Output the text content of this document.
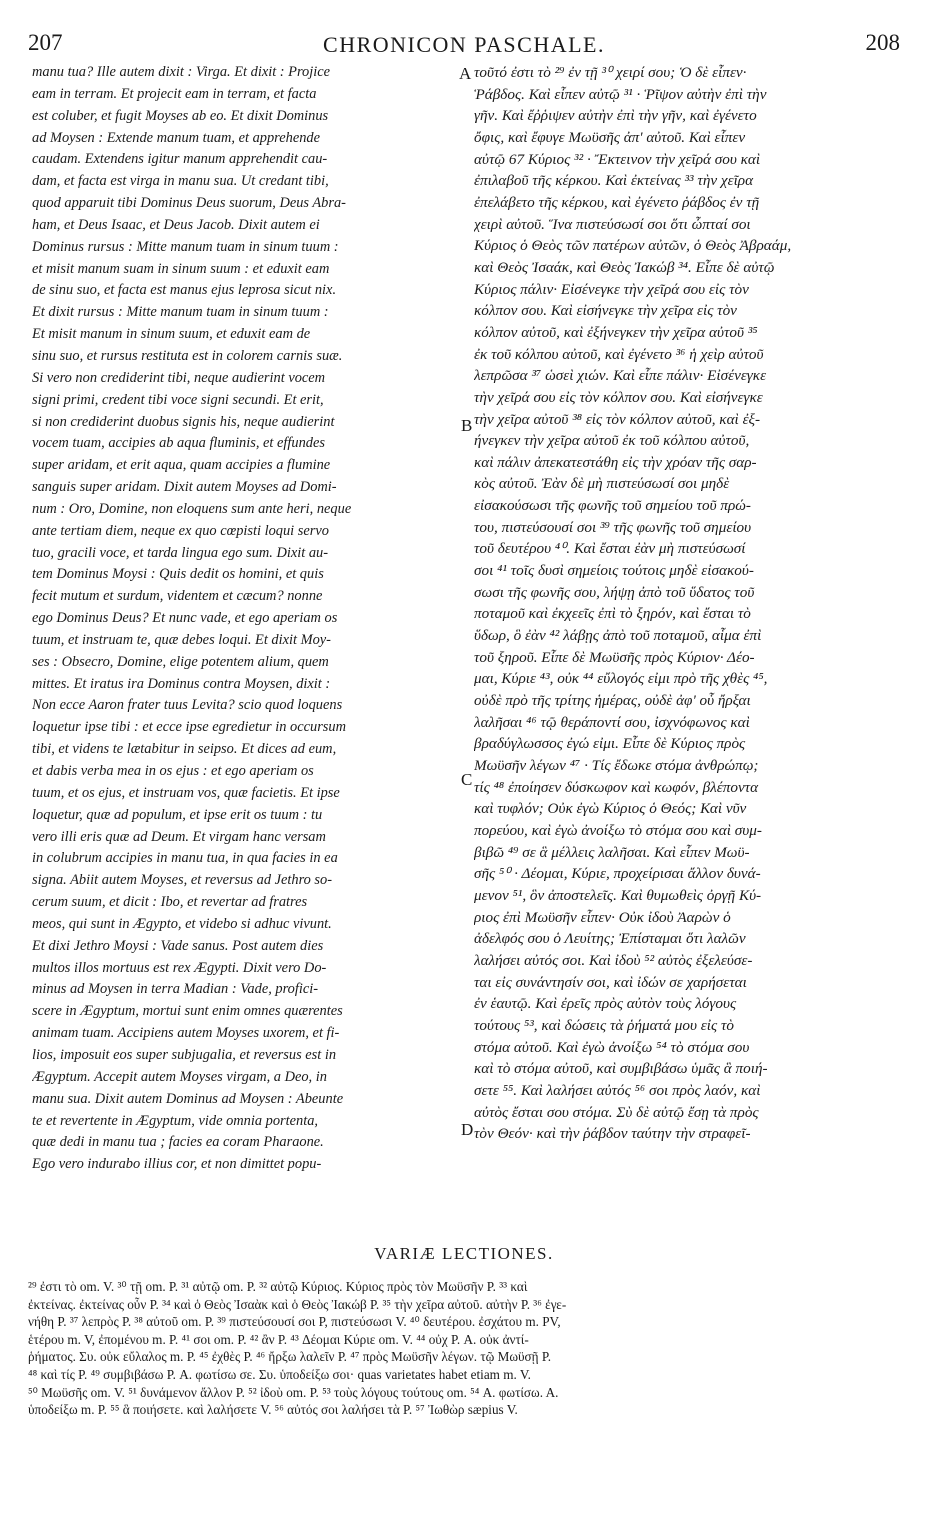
207	CHRONICON PASCHALE.	208
manu tua? Ille autem dixit : Virga. Et dixit : Projice
eam in terram. Et projecit eam in terram, et facta
est coluber, et fugit Moyses ab eo. Et dixit Dominus
ad Moysen : Extende manum tuam, et apprehende
caudam. Extendens igitur manum apprehendit cau-
dam, et facta est virga in manu sua. Ut credant tibi,
quod apparuit tibi Dominus Deus suorum, Deus Abra-
ham, et Deus Isaac, et Deus Jacob. Dixit autem ei
Dominus rursus : Mitte manum tuam in sinum tuum :
et misit manum suam in sinum suum : et eduxit eam
de sinu suo, et facta est manus ejus leprosa sicut nix.
Et dixit rursus : Mitte manum tuam in sinum tuum :
Et misit manum in sinum suum, et eduxit eam de
sinu suo, et rursus restituta est in colorem carnis suæ.
Si vero non crediderint tibi, neque audierint vocem
signi primi, credent tibi voce signi secundi. Et erit,
si non crediderint duobus signis his, neque audierint
vocem tuam, accipies ab aqua fluminis, et effundes
super aridam, et erit aqua, quam accipies a flumine
sanguis super aridam. Dixit autem Moyses ad Domi-
num : Oro, Domine, non eloquens sum ante heri, neque
ante tertiam diem, neque ex quo cœpisti loqui servo
tuo, gracili voce, et tarda lingua ego sum. Dixit au-
tem Dominus Moysi : Quis dedit os homini, et quis
fecit mutum et surdum, videntem et cæcum? nonne
ego Dominus Deus? Et nunc vade, et ego aperiam os
tuum, et instruam te, quæ debes loqui. Et dixit Moy-
ses : Obsecro, Domine, elige potentem alium, quem
mittes. Et iratus ira Dominus contra Moysen, dixit :
Non ecce Aaron frater tuus Levita? scio quod loquens
loquetur ipse tibi : et ecce ipse egredietur in occursum
tibi, et videns te lætabitur in seipso. Et dices ad eum,
et dabis verba mea in os ejus : et ego aperiam os
tuum, et os ejus, et instruam vos, quæ facietis. Et ipse
loquetur, quæ ad populum, et ipse erit os tuum : tu
vero illi eris quæ ad Deum. Et virgam hanc versam
in colubrum accipies in manu tua, in qua facies in ea
signa. Abiit autem Moyses, et reversus ad Jethro so-
cerum suum, et dicit : Ibo, et revertar ad fratres
meos, qui sunt in Ægypto, et videbo si adhuc vivunt.
Et dixi Jethro Moysi : Vade sanus. Post autem dies
multos illos mortuus est rex Ægypti. Dixit vero Do-
minus ad Moysen in terra Madian : Vade, profici-
scere in Ægyptum, mortui sunt enim omnes quærentes
animam tuam. Accipiens autem Moyses uxorem, et fi-
lios, imposuit eos super subjugalia, et reversus est in
Ægyptum. Accepit autem Moyses virgam, a Deo, in
manu sua. Dixit autem Dominus ad Moysen : Abeunte
te et revertente in Ægyptum, vide omnia portenta,
quæ dedi in manu tua ; facies ea coram Pharaone.
Ego vero indurabo illius cor, et non dimittet popu-
A
B
C
D
τοῦτό ἐστι τὸ ²⁹ ἐν τῇ ³⁰ χειρί σου; Ὁ δὲ εἶπεν·
Ῥάβδος. Καὶ εἶπεν αὐτῷ ³¹ · Ῥῖψον αὐτὴν ἐπὶ τὴν
γῆν. Καὶ ἔῤῥιψεν αὐτὴν ἐπὶ τὴν γῆν, καὶ ἐγένετο
ὄφις, καὶ ἔφυγε Μωϋσῆς ἀπ' αὐτοῦ. Καὶ εἶπεν
αὐτῷ 67 Κύριος ³² · Ἔκτεινον τὴν χεῖρά σου καὶ
ἐπιλαβοῦ τῆς κέρκου. Καὶ ἐκτείνας ³³ τὴν χεῖρα
ἐπελάβετο τῆς κέρκου, καὶ ἐγένετο ῥάβδος ἐν τῇ
χειρὶ αὐτοῦ. Ἵνα πιστεύσωσί σοι ὅτι ὦπταί σοι
Κύριος ὁ Θεὸς τῶν πατέρων αὐτῶν, ὁ Θεὸς Ἀβραάμ,
καὶ Θεὸς Ἰσαάκ, καὶ Θεὸς Ἰακώβ ³⁴. Εἶπε δὲ αὐτῷ
Κύριος πάλιν· Εἰσένεγκε τὴν χεῖρά σου εἰς τὸν
κόλπον σου. Καὶ εἰσήνεγκε τὴν χεῖρα εἰς τὸν
κόλπον αὐτοῦ, καὶ ἐξήνεγκεν τὴν χεῖρα αὐτοῦ ³⁵
ἐκ τοῦ κόλπου αὐτοῦ, καὶ ἐγένετο ³⁶ ἡ χεὶρ αὐτοῦ
λεπρῶσα ³⁷ ὡσεὶ χιών. Καὶ εἶπε πάλιν· Εἰσένεγκε
τὴν χεῖρά σου εἰς τὸν κόλπον σου. Καὶ εἰσήνεγκε
τὴν χεῖρα αὐτοῦ ³⁸ εἰς τὸν κόλπον αὐτοῦ, καὶ ἐξ-
ήνεγκεν τὴν χεῖρα αὐτοῦ ἐκ τοῦ κόλπου αὐτοῦ,
καὶ πάλιν ἀπεκατεστάθη εἰς τὴν χρόαν τῆς σαρ-
κὸς αὐτοῦ. Ἐὰν δὲ μὴ πιστεύσωσί σοι μηδὲ
εἰσακούσωσι τῆς φωνῆς τοῦ σημείου τοῦ πρώ-
του, πιστεύσουσί σοι ³⁹ τῆς φωνῆς τοῦ σημείου
τοῦ δευτέρου ⁴⁰. Καὶ ἔσται ἐὰν μὴ πιστεύσωσί
σοι ⁴¹ τοῖς δυσὶ σημείοις τούτοις μηδὲ εἰσακού-
σωσι τῆς φωνῆς σου, λήψῃ ἀπὸ τοῦ ὕδατος τοῦ
ποταμοῦ καὶ ἐκχεεῖς ἐπὶ τὸ ξηρόν, καὶ ἔσται τὸ
ὕδωρ, ὃ ἐὰν ⁴² λάβῃς ἀπὸ τοῦ ποταμοῦ, αἷμα ἐπὶ
τοῦ ξηροῦ. Εἶπε δὲ Μωϋσῆς πρὸς Κύριον· Δέο-
μαι, Κύριε ⁴³, οὐκ ⁴⁴ εὔλογός εἰμι πρὸ τῆς χθὲς ⁴⁵,
οὐδὲ πρὸ τῆς τρίτης ἡμέρας, οὐδὲ ἀφ' οὗ ἤρξαι
λαλῆσαι ⁴⁶ τῷ θεράποντί σου, ἰσχνόφωνος καὶ
βραδύγλωσσος ἐγώ εἰμι. Εἶπε δὲ Κύριος πρὸς
Μωϋσῆν λέγων ⁴⁷ · Τίς ἔδωκε στόμα ἀνθρώπῳ;
τίς ⁴⁸ ἐποίησεν δύσκωφον καὶ κωφόν, βλέποντα
καὶ τυφλόν; Οὐκ ἐγὼ Κύριος ὁ Θεός; Καὶ νῦν
πορεύου, καὶ ἐγὼ ἀνοίξω τὸ στόμα σου καὶ συμ-
βιβῶ ⁴⁹ σε ἃ μέλλεις λαλῆσαι. Καὶ εἶπεν Μωϋ-
σῆς ⁵⁰ · Δέομαι, Κύριε, προχείρισαι ἄλλον δυνά-
μενον ⁵¹, ὃν ἀποστελεῖς. Καὶ θυμωθεὶς ὀργῇ Κύ-
ριος ἐπὶ Μωϋσῆν εἶπεν· Οὐκ ἰδοὺ Ἀαρὼν ὁ
ἀδελφός σου ὁ Λευίτης; Ἐπίσταμαι ὅτι λαλῶν
λαλήσει αὐτός σοι. Καὶ ἰδοὺ ⁵² αὐτὸς ἐξελεύσε-
ται εἰς συνάντησίν σοι, καὶ ἰδών σε χαρήσεται
ἐν ἑαυτῷ. Καὶ ἐρεῖς πρὸς αὐτὸν τοὺς λόγους
τούτους ⁵³, καὶ δώσεις τὰ ῥήματά μου εἰς τὸ
στόμα αὐτοῦ. Καὶ ἐγὼ ἀνοίξω ⁵⁴ τὸ στόμα σου
καὶ τὸ στόμα αὐτοῦ, καὶ συμβιβάσω ὑμᾶς ἃ ποιή-
σετε ⁵⁵. Καὶ λαλήσει αὐτός ⁵⁶ σοι πρὸς λαόν, καὶ
αὐτὸς ἔσται σου στόμα. Σὺ δὲ αὐτῷ ἔσῃ τὰ πρὸς
τὸν Θεόν· καὶ τὴν ῥάβδον ταύτην τὴν στραφεῖ-
VARIÆ LECTIONES.
²⁹ ἐστι τὸ om. V. ³⁰ τῇ om. P. ³¹ αὐτῷ om. P. ³² αὐτῷ Κύριος. Κύριος πρὸς τὸν Μωϋσῆν P. ³³ καὶ
ἐκτείνας. ἐκτείνας οὖν P. ³⁴ καὶ ὁ Θεὸς Ἰσαὰκ καὶ ὁ Θεὸς Ἰακώβ P. ³⁵ τὴν χεῖρα αὐτοῦ. αὐτὴν P. ³⁶ ἐγε-
νήθη P. ³⁷ λεπρὸς P. ³⁸ αὐτοῦ om. P. ³⁹ πιστεύσουσί σοι P, πιστεύσωσι V. ⁴⁰ δευτέρου. ἐσχάτου m. PV,
ἑτέρου m. V, ἐπομένου m. P. ⁴¹ σοι om. P. ⁴² ἂν P. ⁴³ Δέομαι Κύριε om. V. ⁴⁴ οὐχ P. Α. οὐκ ἀντί-
ῥήματος. Συ. οὐκ εὔλαλος m. P. ⁴⁵ ἐχθὲς P. ⁴⁶ ἤρξω λαλεῖν P. ⁴⁷ πρὸς Μωϋσῆν λέγων. τῷ Μωϋσῇ P.
⁴⁸ καὶ τίς P. ⁴⁹ συμβιβάσω P. Α. φωτίσω σε. Συ. ὑποδείξω σοι· quas varietates habet etiam m. V.
⁵⁰ Μωϋσῆς om. V. ⁵¹ δυνάμενον ἄλλον P. ⁵² ἰδοὺ om. P. ⁵³ τοὺς λόγους τούτους om. ⁵⁴ Α. φωτίσω. Α.
ὑποδείξω m. P. ⁵⁵ ἃ ποιήσετε. καὶ λαλήσετε V. ⁵⁶ αὐτός σοι λαλήσει τὰ P. ⁵⁷ Ἰωθὼρ sæpius V.
